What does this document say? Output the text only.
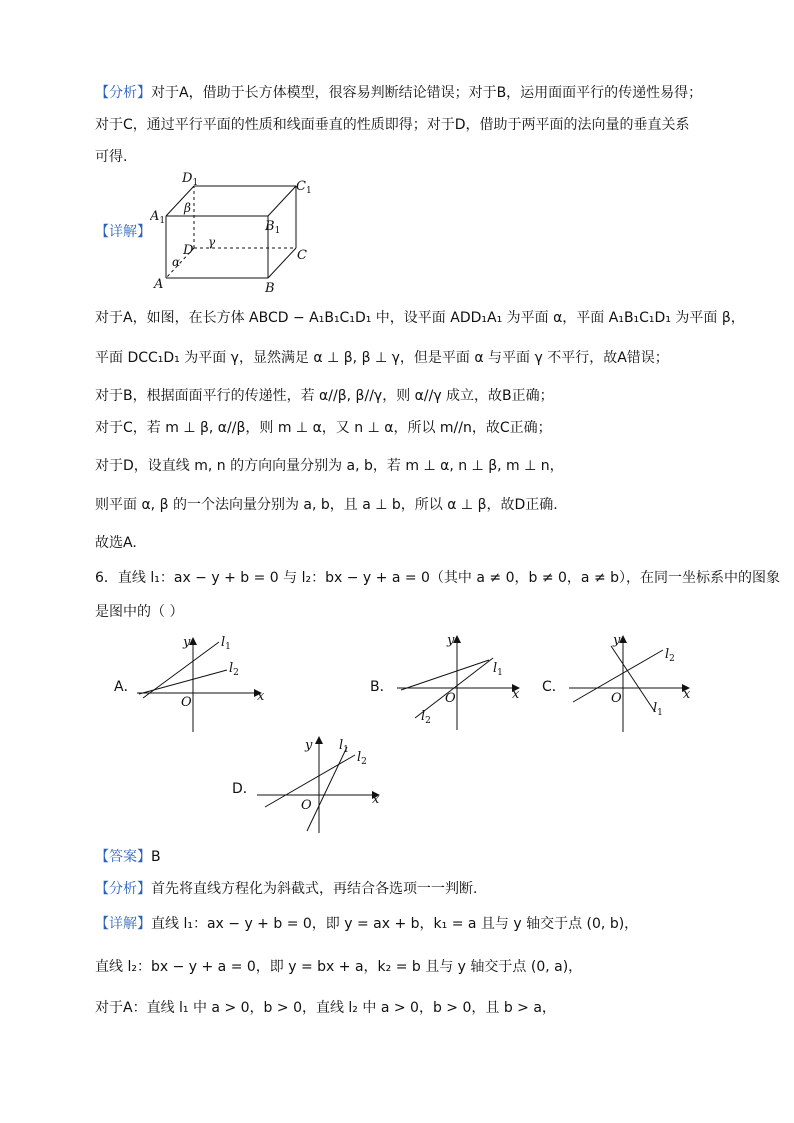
【分析】对于A，借助于长方体模型，很容易判断结论错误；对于B，运用面面平行的传递性易得；
对于C，通过平行平面的性质和线面垂直的性质即得；对于D，借助于两平面的法向量的垂直关系
可得.
【详解】
$D_1$	$C_1$
$A_1$	$B_1$
D	C
A	B
β
γ
α
对于A，如图，在长方体 ABCD − A₁B₁C₁D₁ 中，设平面 ADD₁A₁ 为平面 α，平面 A₁B₁C₁D₁ 为平面 β，
平面 DCC₁D₁ 为平面 γ，显然满足 α ⊥ β, β ⊥ γ，但是平面 α 与平面 γ 不平行，故A错误；
对于B，根据面面平行的传递性，若 α//β, β//γ，则 α//γ 成立，故B正确；
对于C，若 m ⊥ β, α//β，则 m ⊥ α，又 n ⊥ α，所以 m//n，故C正确；
对于D，设直线 m, n 的方向向量分别为 a, b，若 m ⊥ α, n ⊥ β, m ⊥ n，
则平面 α, β 的一个法向量分别为 a, b，且 a ⊥ b，所以 α ⊥ β，故D正确.
故选A.
6．直线 l₁：ax − y + b = 0 与 l₂：bx − y + a = 0（其中 a ≠ 0，b ≠ 0，a ≠ b），在同一坐标系中的图象
是图中的（ ）
A．
y
x
O
$l_1$
$l_2$
B．
y
x
O
$l_1$
$l_2$
C．
y
x
O
$l_2$
$l_1$
D．
y
x
O
$l_1$ $l_2$
【答案】B
【分析】首先将直线方程化为斜截式，再结合各选项一一判断.
【详解】直线 l₁：ax − y + b = 0，即 y = ax + b，k₁ = a 且与 y 轴交于点 (0, b)，
直线 l₂：bx − y + a = 0，即 y = bx + a，k₂ = b 且与 y 轴交于点 (0, a)，
对于A：直线 l₁ 中 a > 0，b > 0，直线 l₂ 中 a > 0，b > 0，且 b > a，
